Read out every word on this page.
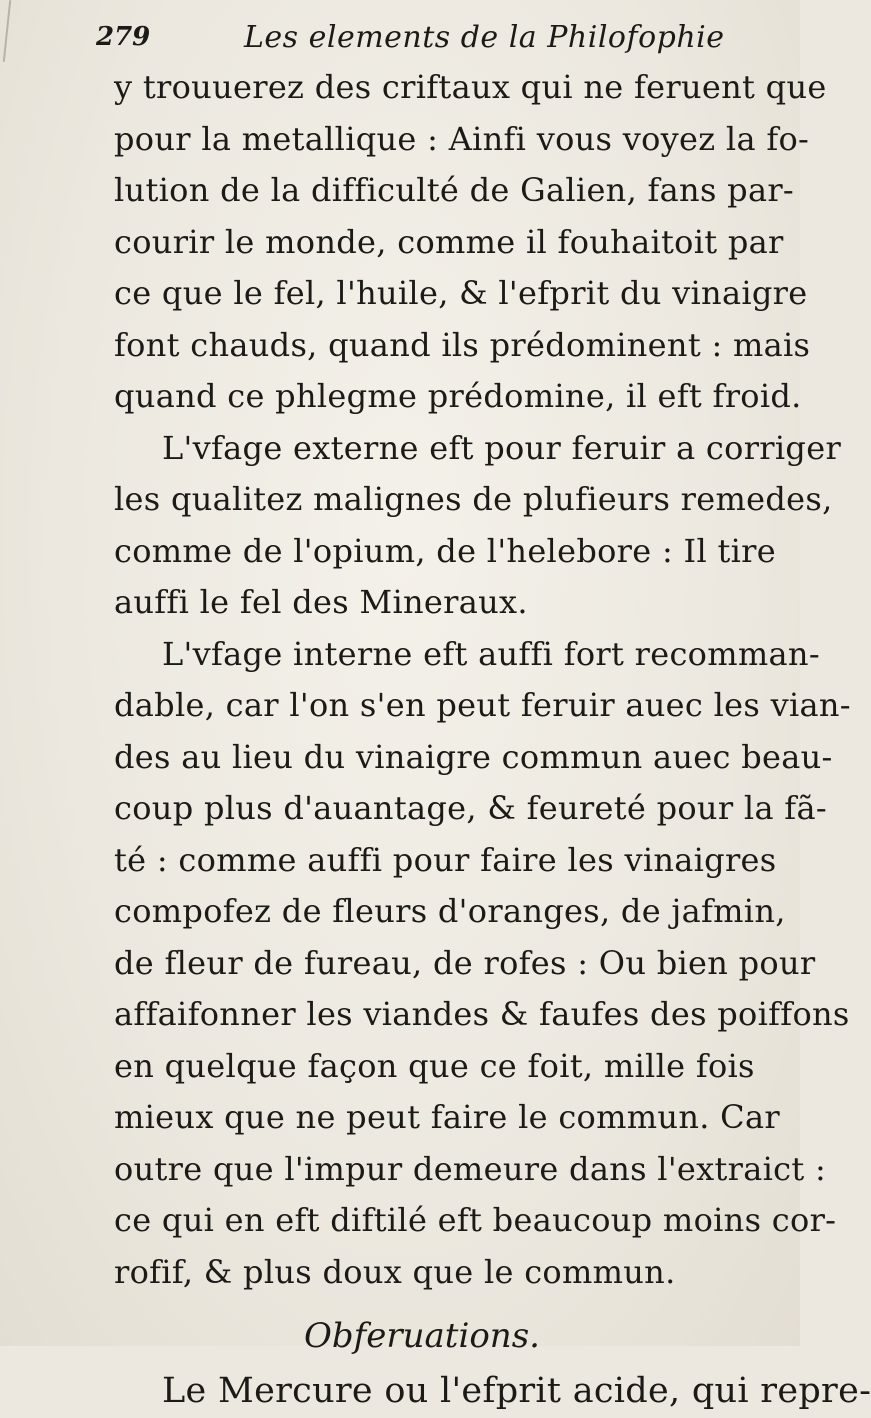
279	Les elements de la Philofophie
y trouuerez des criftaux qui ne feruent que
pour la metallique : Ainfi vous voyez la fo-
lution de la difficulté de Galien, fans par-
courir le monde, comme il fouhaitoit par
ce que le fel, l'huile, & l'efprit du vinaigre
font chauds, quand ils prédominent : mais
quand ce phlegme prédomine, il eft froid.
L'vfage externe eft pour feruir a corriger
les qualitez malignes de plufieurs remedes,
comme de l'opium, de l'helebore : Il tire
auffi le fel des Mineraux.
L'vfage interne eft auffi fort recomman-
dable, car l'on s'en peut feruir auec les vian-
des au lieu du vinaigre commun auec beau-
coup plus d'auantage, & feureté pour la fã-
té : comme auffi pour faire les vinaigres
compofez de fleurs d'oranges, de jafmin,
de fleur de fureau, de rofes : Ou bien pour
affaifonner les viandes & faufes des poiffons
en quelque façon que ce foit, mille fois
mieux que ne peut faire le commun. Car
outre que l'impur demeure dans l'extraict :
ce qui en eft diftilé eft beaucoup moins cor-
rofif, & plus doux que le commun.
Obferuations.
Le Mercure ou l'efprit acide, qui repre-
